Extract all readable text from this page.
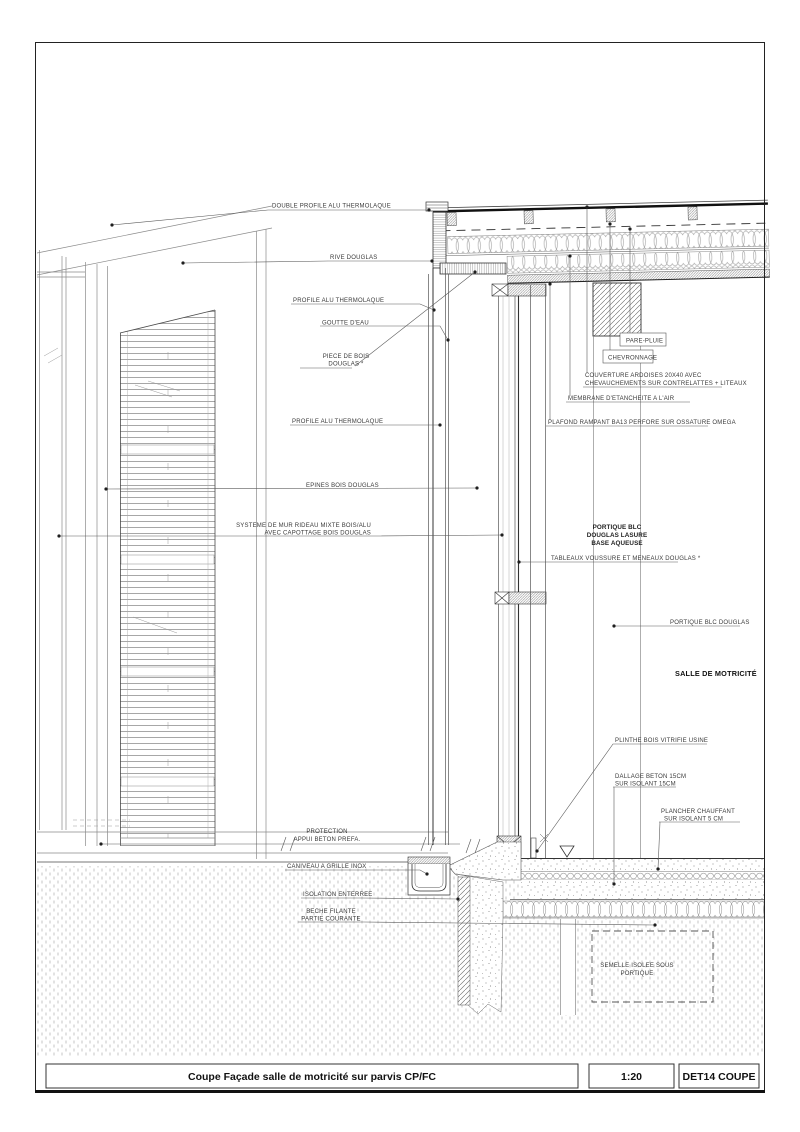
DOUBLE PROFILE ALU THERMOLAQUE
RIVE DOUGLAS
PROFILE ALU THERMOLAQUE
GOUTTE D'EAU
PIECE DE BOIS
DOUGLAS *
PROFILE ALU THERMOLAQUE
EPINES BOIS DOUGLAS
SYSTEME DE MUR RIDEAU MIXTE BOIS/ALU
AVEC CAPOTTAGE BOIS DOUGLAS
PARE-PLUIE
CHEVRONNAGE
COUVERTURE ARDOISES 20X40 AVEC
CHEVAUCHEMENTS SUR CONTRELATTES + LITEAUX
MEMBRANE D'ETANCHEITE A L'AIR
PLAFOND RAMPANT BA13 PERFORE SUR OSSATURE OMEGA
PORTIQUE BLC
DOUGLAS LASURE
BASE AQUEUSE
TABLEAUX VOUSSURE ET MENEAUX DOUGLAS *
PORTIQUE BLC DOUGLAS
SALLE DE MOTRICITÉ
PLINTHE BOIS VITRIFIE USINE
DALLAGE BETON 15CM
SUR ISOLANT 15CM
PLANCHER CHAUFFANT
SUR ISOLANT 5 CM
PROTECTION
APPUI BETON PREFA.
CANIVEAU A GRILLE INOX
ISOLATION ENTERREE
BECHE FILANTE
PARTIE COURANTE
SEMELLE ISOLEE SOUS
PORTIQUE
Coupe Façade salle de motricité sur parvis CP/FC	1:20	DET14 COUPE
